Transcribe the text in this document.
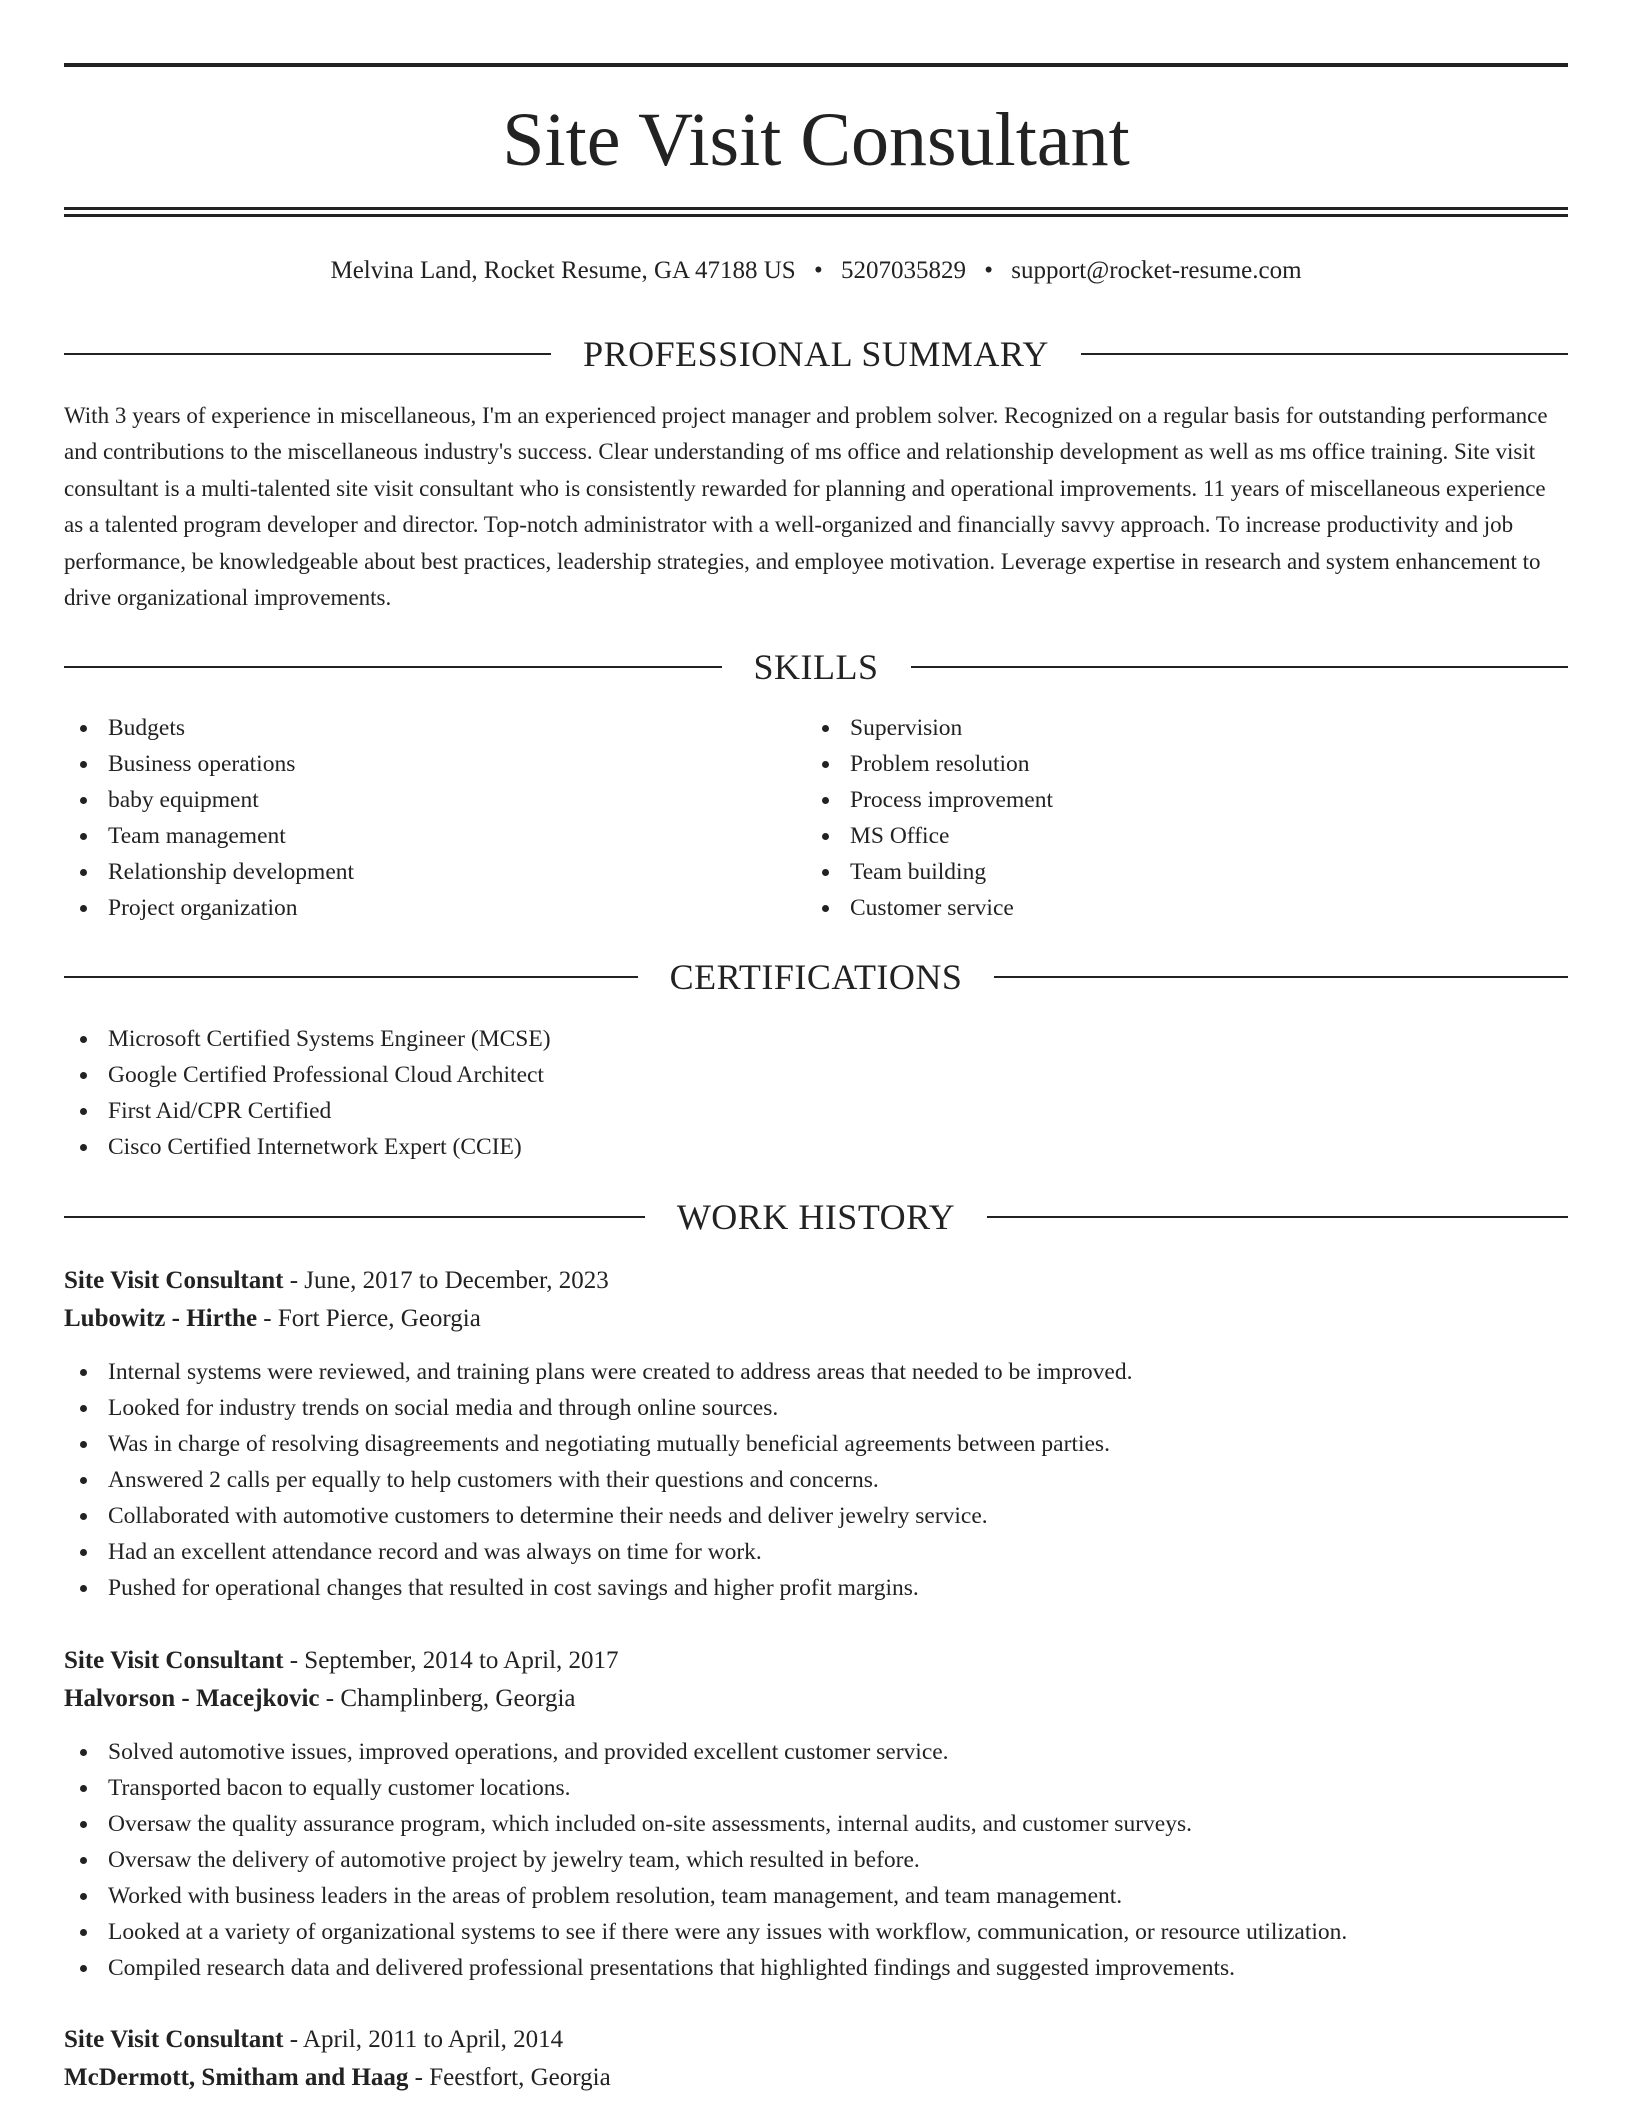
Site Visit Consultant
Melvina Land, Rocket Resume, GA 47188 US • 5207035829 • support@rocket-resume.com
PROFESSIONAL SUMMARY

With 3 years of experience in miscellaneous, I'm an experienced project manager and problem solver. Recognized on a regular basis for outstanding performance and contributions to the miscellaneous industry's success. Clear understanding of ms office and relationship development as well as ms office training. Site visit consultant is a multi-talented site visit consultant who is consistently rewarded for planning and operational improvements. 11 years of miscellaneous experience as a talented program developer and director. Top-notch administrator with a well-organized and financially savvy approach. To increase productivity and job performance, be knowledgeable about best practices, leadership strategies, and employee motivation. Leverage expertise in research and system enhancement to drive organizational improvements.

SKILLS
Budgets
Business operations
baby equipment
Team management
Relationship development
Project organization
Supervision
Problem resolution
Process improvement
MS Office
Team building
Customer service
CERTIFICATIONS
Microsoft Certified Systems Engineer (MCSE)
Google Certified Professional Cloud Architect
First Aid/CPR Certified
Cisco Certified Internetwork Expert (CCIE)
WORK HISTORY
Site Visit Consultant - June, 2017 to December, 2023
Lubowitz - Hirthe - Fort Pierce, Georgia
Internal systems were reviewed, and training plans were created to address areas that needed to be improved.
Looked for industry trends on social media and through online sources.
Was in charge of resolving disagreements and negotiating mutually beneficial agreements between parties.
Answered 2 calls per equally to help customers with their questions and concerns.
Collaborated with automotive customers to determine their needs and deliver jewelry service.
Had an excellent attendance record and was always on time for work.
Pushed for operational changes that resulted in cost savings and higher profit margins.
Site Visit Consultant - September, 2014 to April, 2017
Halvorson - Macejkovic - Champlinberg, Georgia
Solved automotive issues, improved operations, and provided excellent customer service.
Transported bacon to equally customer locations.
Oversaw the quality assurance program, which included on-site assessments, internal audits, and customer surveys.
Oversaw the delivery of automotive project by jewelry team, which resulted in before.
Worked with business leaders in the areas of problem resolution, team management, and team management.
Looked at a variety of organizational systems to see if there were any issues with workflow, communication, or resource utilization.
Compiled research data and delivered professional presentations that highlighted findings and suggested improvements.
Site Visit Consultant - April, 2011 to April, 2014
McDermott, Smitham and Haag - Feestfort, Georgia
